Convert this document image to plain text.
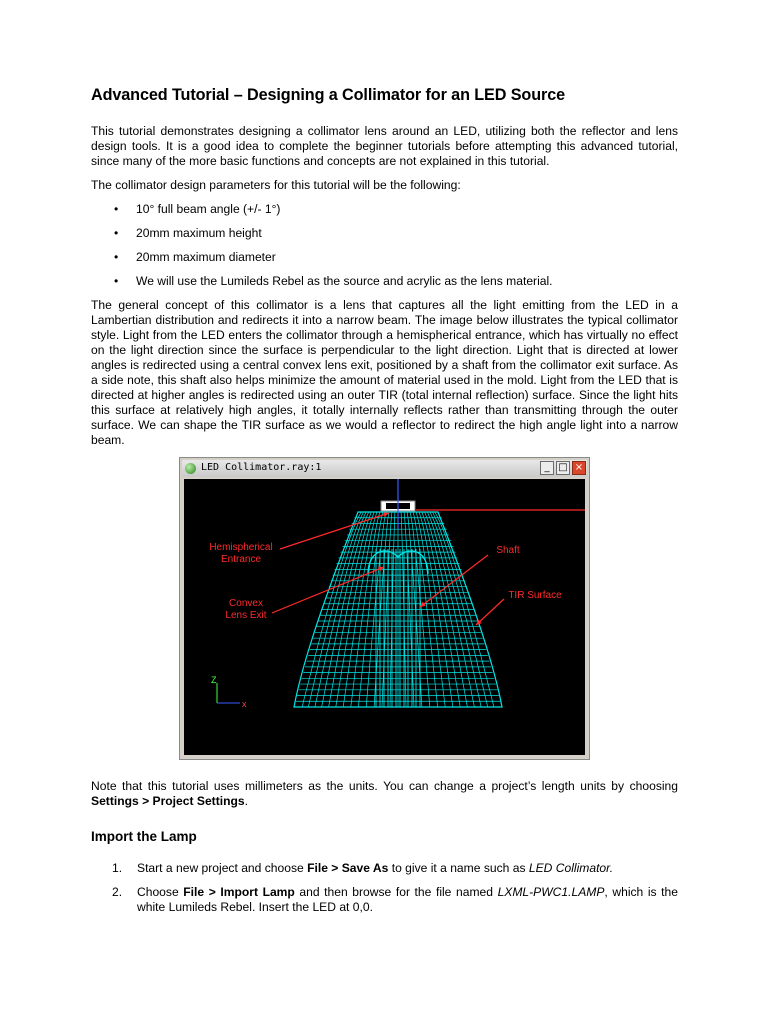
Advanced Tutorial – Designing a Collimator for an LED Source

This tutorial demonstrates designing a collimator lens around an LED, utilizing both the reflector and lens design tools. It is a good idea to complete the beginner tutorials before attempting this advanced tutorial, since many of the more basic functions and concepts are not explained in this tutorial.

The collimator design parameters for this tutorial will be the following:

• 10° full beam angle (+/- 1°)
• 20mm maximum height
• 20mm maximum diameter
• We will use the Lumileds Rebel as the source and acrylic as the lens material.

The general concept of this collimator is a lens that captures all the light emitting from the LED in a Lambertian distribution and redirects it into a narrow beam. The image below illustrates the typical collimator style. Light from the LED enters the collimator through a hemispherical entrance, which has virtually no effect on the light direction since the surface is perpendicular to the light direction. Light that is directed at lower angles is redirected using a central convex lens exit, positioned by a shaft from the collimator exit surface. As a side note, this shaft also helps minimize the amount of material used in the mold. Light from the LED that is directed at higher angles is redirected using an outer TIR (total internal reflection) surface. Since the light hits this surface at relatively high angles, it totally internally reflects rather than transmitting through the outer surface. We can shape the TIR surface as we would a reflector to redirect the high angle light into a narrow beam.

LED Collimator.ray:1	_ □ ×
Hemispherical Entrance
Shaft
TIR Surface
Convex Lens Exit
Z
x

Note that this tutorial uses millimeters as the units. You can change a project’s length units by choosing Settings > Project Settings.

Import the Lamp
1. Start a new project and choose File > Save As to give it a name such as LED Collimator.
2. Choose File > Import Lamp and then browse for the file named LXML-PWC1.LAMP, which is the white Lumileds Rebel. Insert the LED at 0,0.
